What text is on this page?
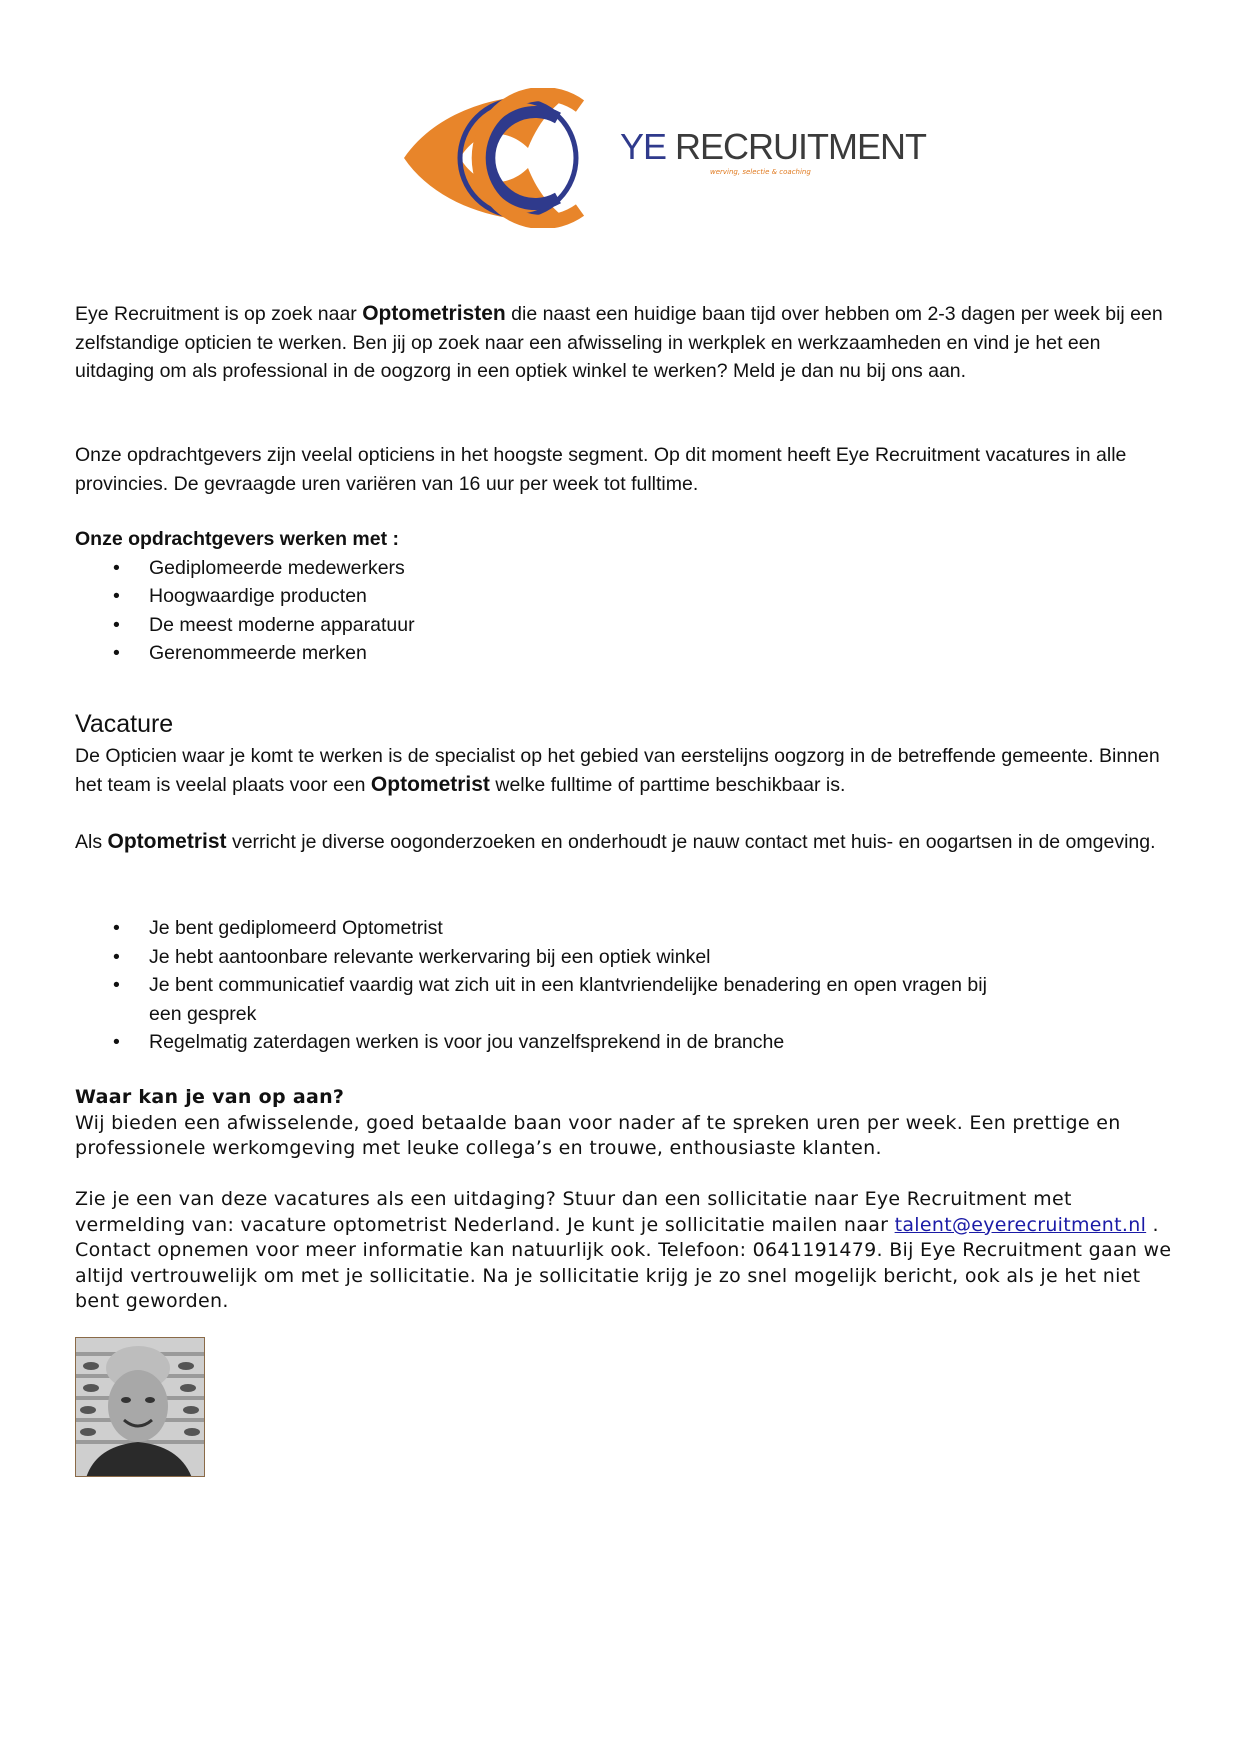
YE RECRUITMENT
werving, selectie & coaching

Eye Recruitment is op zoek naar Optometristen die naast een huidige baan tijd over hebben om 2-3 dagen per week bij een zelfstandige opticien te werken. Ben jij op zoek naar een afwisseling in werkplek en werkzaamheden en vind je het een uitdaging om als professional in de oogzorg in een optiek winkel te werken? Meld je dan nu bij ons aan.

Onze opdrachtgevers zijn veelal opticiens in het hoogste segment. Op dit moment heeft Eye Recruitment vacatures in alle provincies. De gevraagde uren variëren van 16 uur per week tot fulltime.

Onze opdrachtgevers werken met :

• Gediplomeerde medewerkers
• Hoogwaardige producten
• De meest moderne apparatuur
• Gerenommeerde merken
Vacature

De Opticien waar je komt te werken is de specialist op het gebied van eerstelijns oogzorg in de betreffende gemeente. Binnen het team is veelal plaats voor een Optometrist welke fulltime of parttime beschikbaar is.

Als Optometrist verricht je diverse oogonderzoeken en onderhoudt je nauw contact met huis- en oogartsen in de omgeving.

• Je bent gediplomeerd Optometrist
• Je hebt aantoonbare relevante werkervaring bij een optiek winkel
• Je bent communicatief vaardig wat zich uit in een klantvriendelijke benadering en open vragen bij een gesprek
• Regelmatig zaterdagen werken is voor jou vanzelfsprekend in de branche

Waar kan je van op aan?

Wij bieden een afwisselende, goed betaalde baan voor nader af te spreken uren per week. Een prettige en professionele werkomgeving met leuke collega’s en trouwe, enthousiaste klanten.

Zie je een van deze vacatures als een uitdaging? Stuur dan een sollicitatie naar Eye Recruitment met vermelding van: vacature optometrist Nederland. Je kunt je sollicitatie mailen naar talent@eyerecruitment.nl . Contact opnemen voor meer informatie kan natuurlijk ook. Telefoon: 0641191479. Bij Eye Recruitment gaan we altijd vertrouwelijk om met je sollicitatie. Na je sollicitatie krijg je zo snel mogelijk bericht, ook als je het niet bent geworden.
